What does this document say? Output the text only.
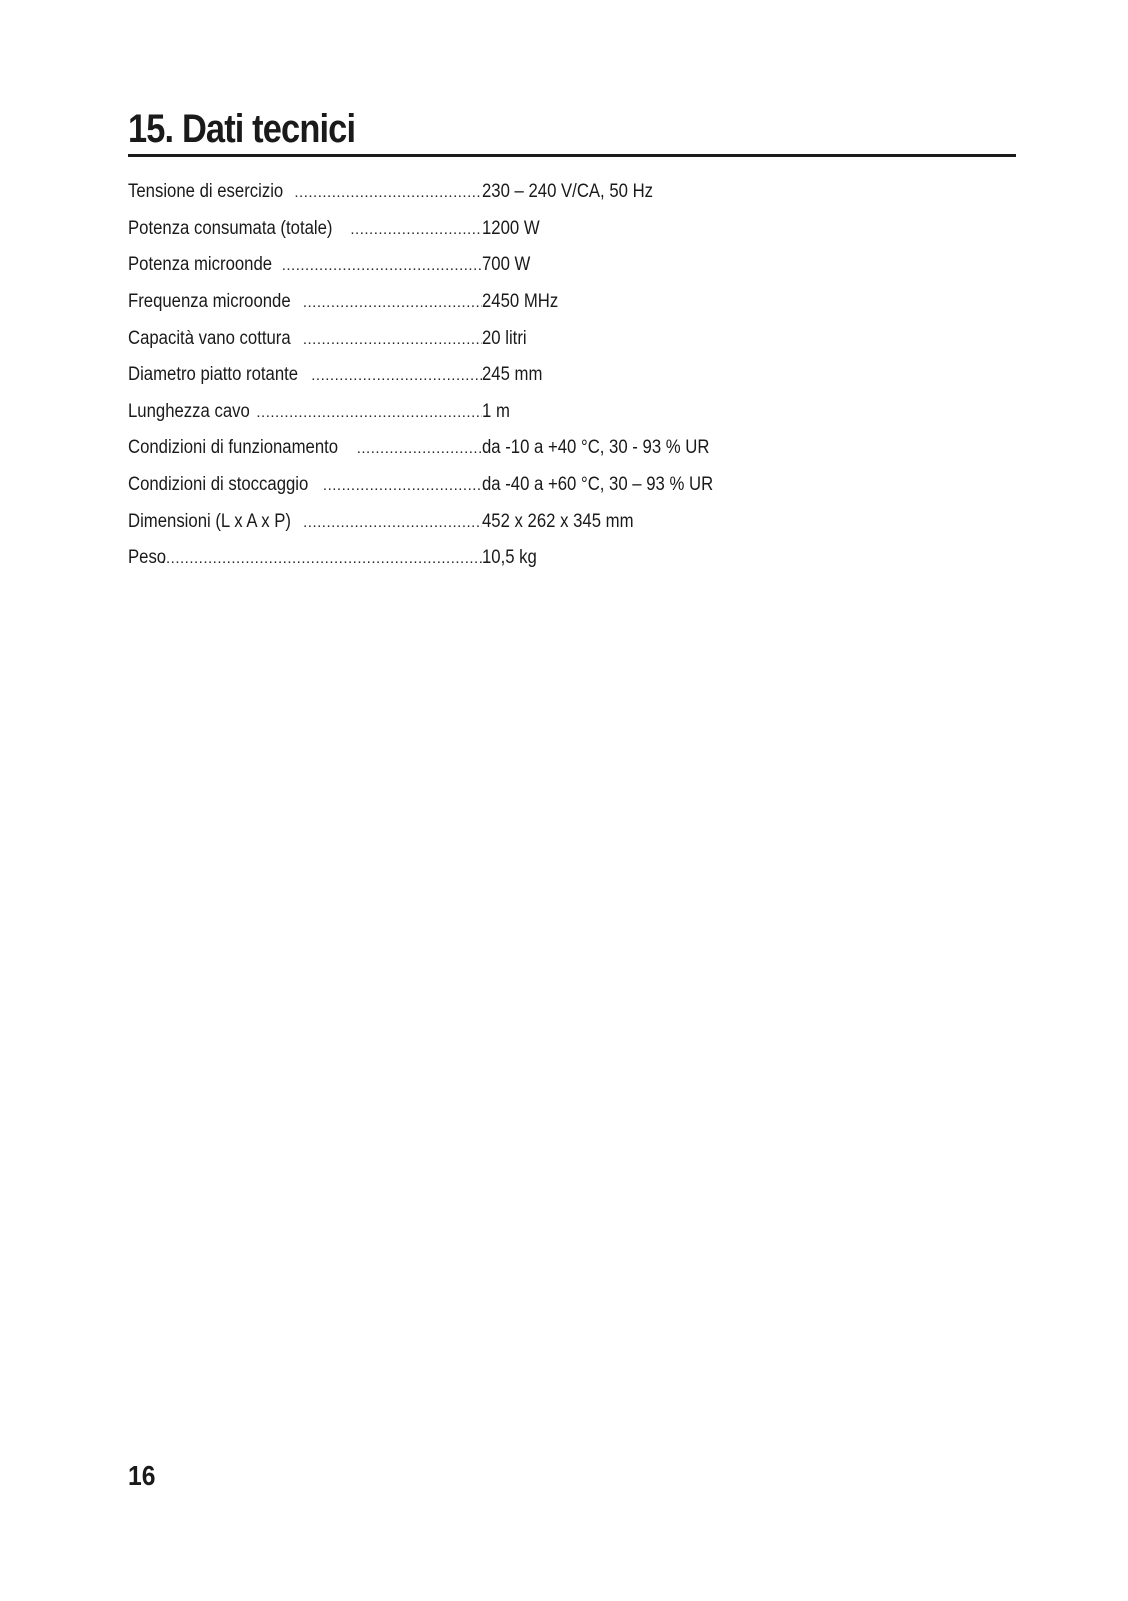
15. Dati tecnici
Tensione di esercizio .....	230 – 240 V/CA, 50 Hz
Potenza consumata (totale) .....	1200 W
Potenza microonde .....	700 W
Frequenza microonde .....	2450 MHz
Capacità vano cottura .....	20 litri
Diametro piatto rotante .....	245 mm
Lunghezza cavo .....	1 m
Condizioni di funzionamento .....	da -10 a +40 °C, 30 - 93 % UR
Condizioni di stoccaggio .....	da -40 a +60 °C, 30 – 93 % UR
Dimensioni (L x A x P) .....	452 x 262 x 345 mm
Peso .....	10,5 kg
16
